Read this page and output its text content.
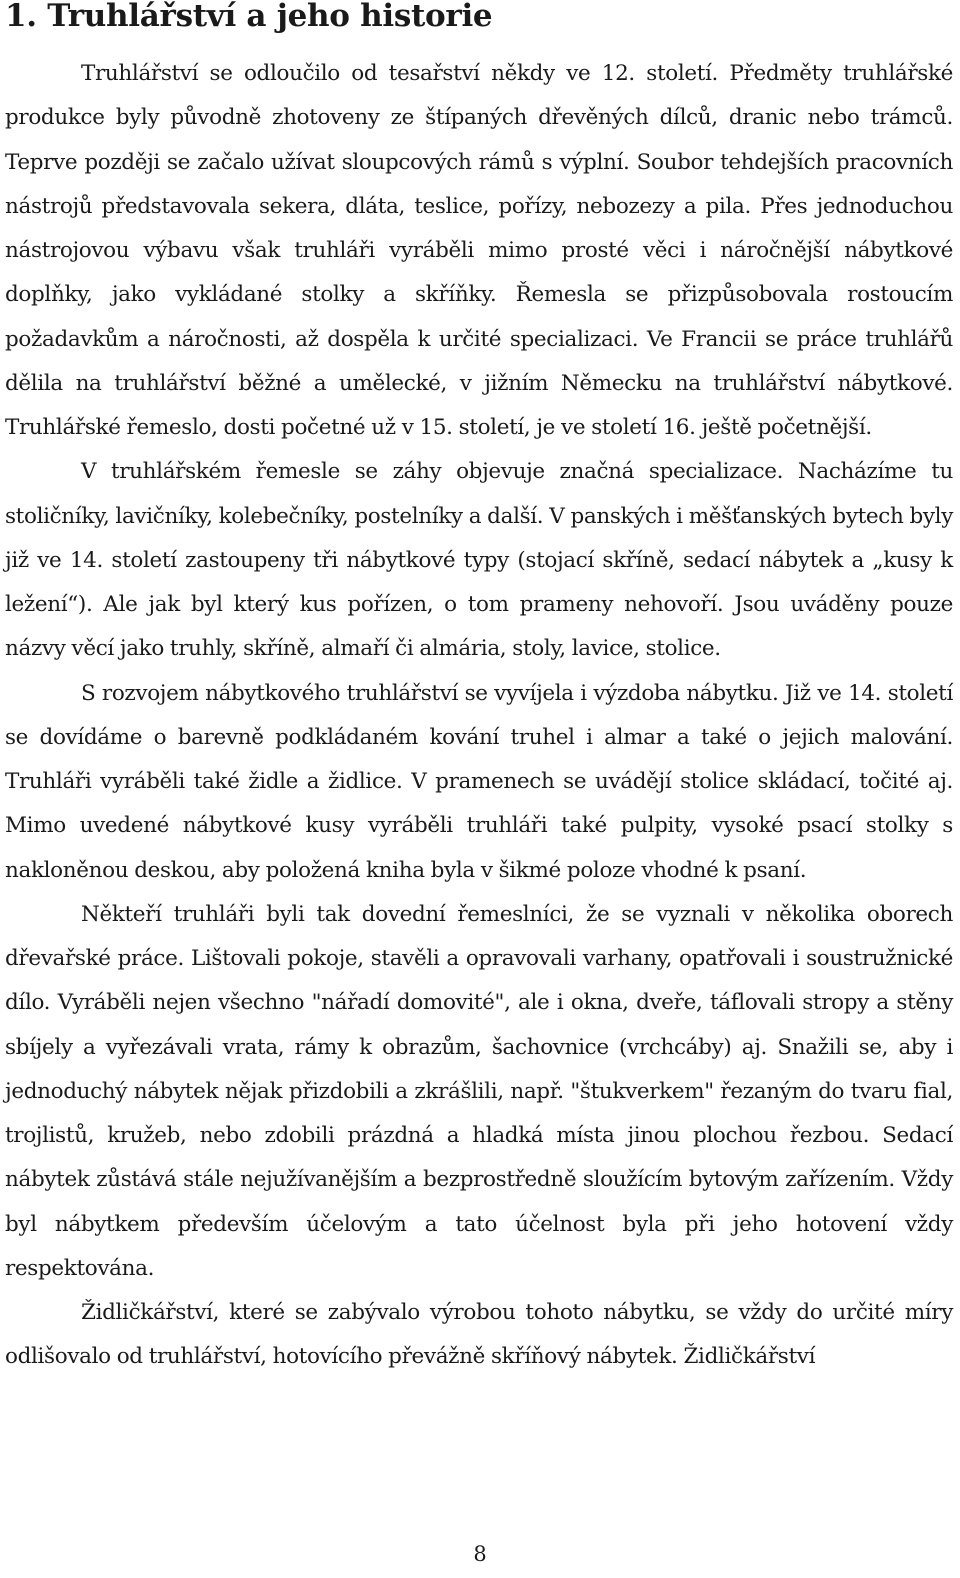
1. Truhlářství a jeho historie

Truhlářství se odloučilo od tesařství někdy ve 12. století. Předměty truhlářské produkce byly původně zhotoveny ze štípaných dřevěných dílců, dranic nebo trámců. Teprve později se začalo užívat sloupcových rámů s výplní. Soubor tehdejších pracovních nástrojů představovala sekera, dláta, teslice, pořízy, nebozezy a pila. Přes jednoduchou nástrojovou výbavu však truhláři vyráběli mimo prosté věci i náročnější nábytkové doplňky, jako vykládané stolky a skříňky. Řemesla se přizpůsobovala rostoucím požadavkům a náročnosti, až dospěla k určité specializaci. Ve Francii se práce truhlářů dělila na truhlářství běžné a umělecké, v jižním Německu na truhlářství nábytkové. Truhlářské řemeslo, dosti početné už v 15. století, je ve století 16. ještě početnější.

V truhlářském řemesle se záhy objevuje značná specializace. Nacházíme tu stoličníky, lavičníky, kolebečníky, postelníky a další. V panských i měšťanských bytech byly již ve 14. století zastoupeny tři nábytkové typy (stojací skříně, sedací nábytek a „kusy k ležení“). Ale jak byl který kus pořízen, o tom prameny nehovoří. Jsou uváděny pouze názvy věcí jako truhly, skříně, almaří či almária, stoly, lavice, stolice.

S rozvojem nábytkového truhlářství se vyvíjela i výzdoba nábytku. Již ve 14. století se dovídáme o barevně podkládaném kování truhel i almar a také o jejich malování. Truhláři vyráběli také židle a židlice. V pramenech se uvádějí stolice skládací, točité aj. Mimo uvedené nábytkové kusy vyráběli truhláři také pulpity, vysoké psací stolky s nakloněnou deskou, aby položená kniha byla v šikmé poloze vhodné k psaní.

Někteří truhláři byli tak dovední řemeslníci, že se vyznali v několika oborech dřevařské práce. Lištovali pokoje, stavěli a opravovali varhany, opatřovali i soustružnické dílo. Vyráběli nejen všechno "nářadí domovité", ale i okna, dveře, táflovali stropy a stěny sbíjely a vyřezávali vrata, rámy k obrazům, šachovnice (vrchcáby) aj. Snažili se, aby i jednoduchý nábytek nějak přizdobili a zkrášlili, např. "štukverkem" řezaným do tvaru fial, trojlistů, kružeb, nebo zdobili prázdná a hladká místa jinou plochou řezbou. Sedací nábytek zůstává stále nejužívanějším a bezprostředně sloužícím bytovým zařízením. Vždy byl nábytkem především účelovým a tato účelnost byla při jeho hotovení vždy respektována.

Židličkářství, které se zabývalo výrobou tohoto nábytku, se vždy do určité míry odlišovalo od truhlářství, hotovícího převážně skříňový nábytek. Židličkářství

8
